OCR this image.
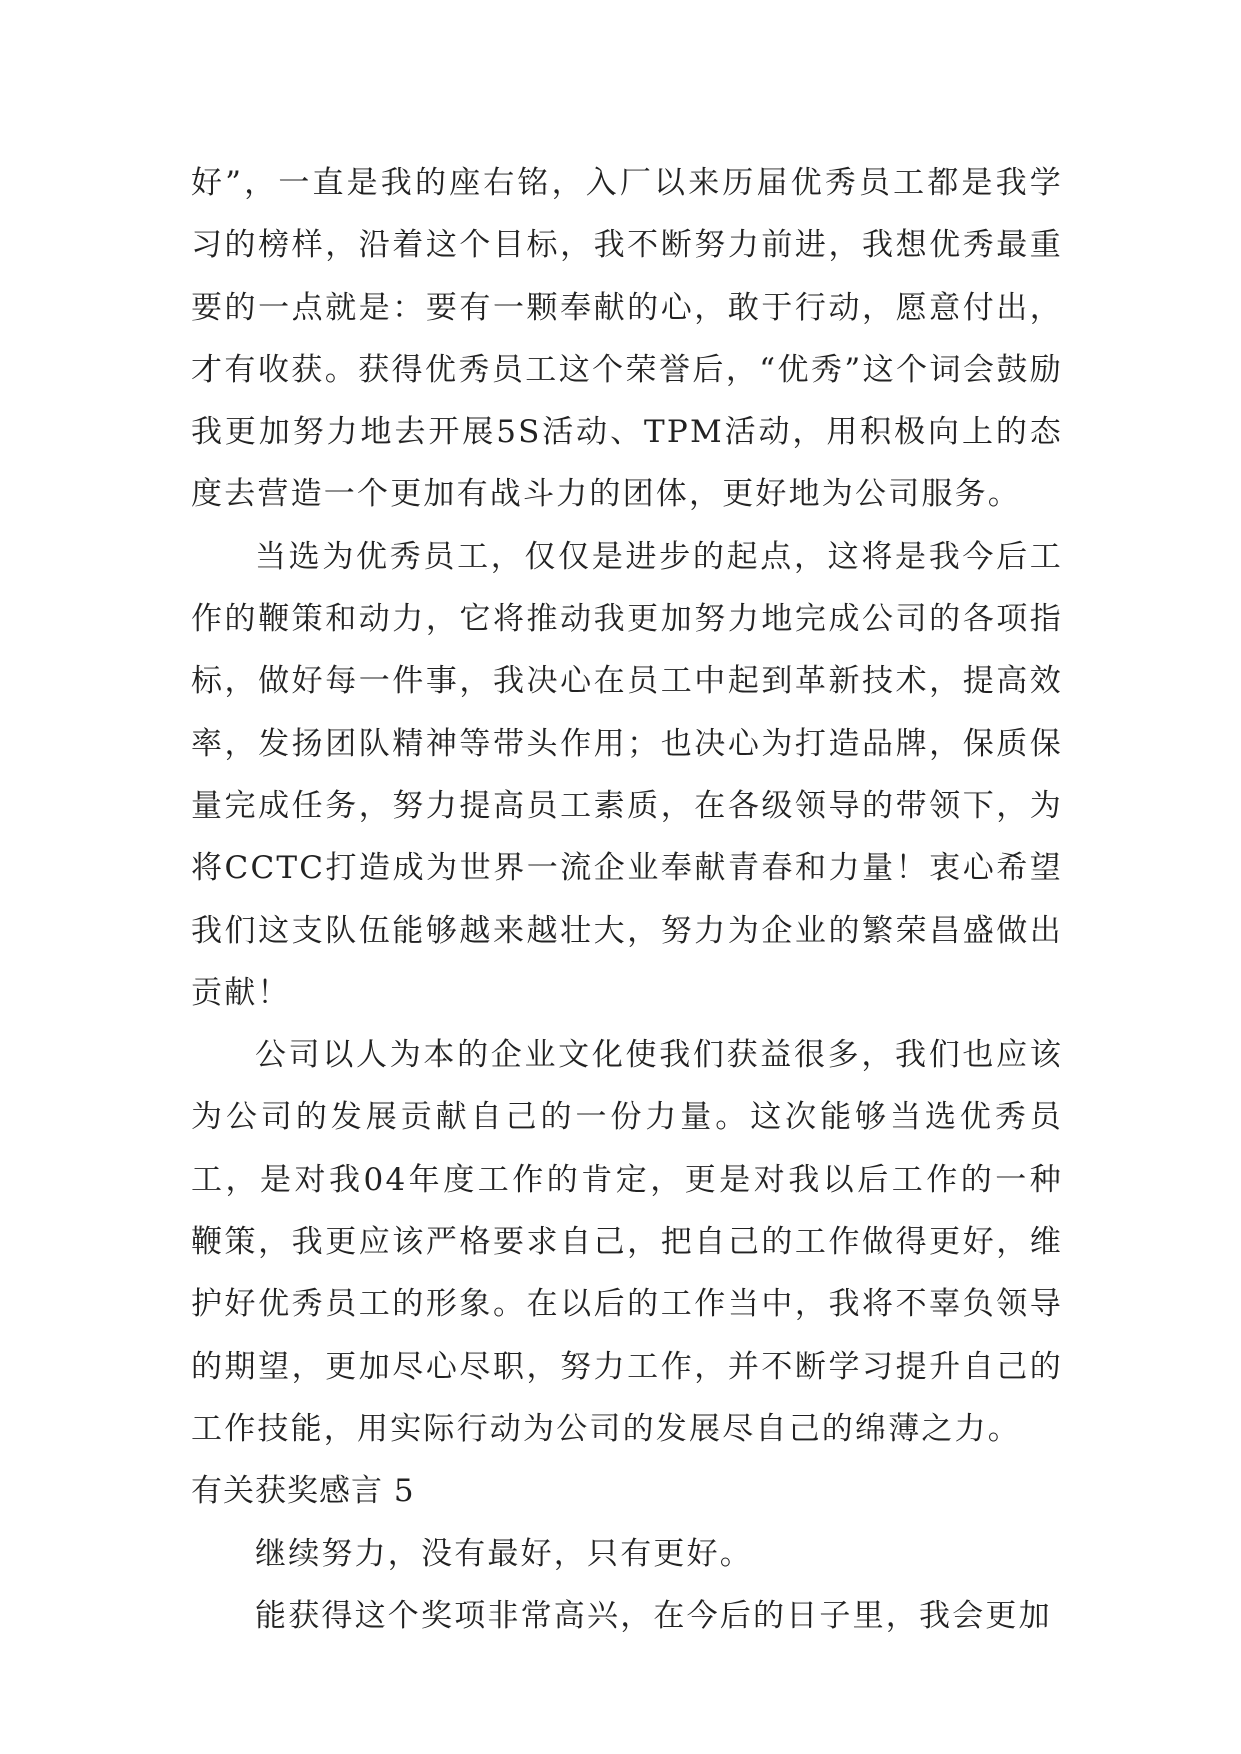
好”，一直是我的座右铭，入厂以来历届优秀员工都是我学习的榜样，沿着这个目标，我不断努力前进，我想优秀最重要的一点就是：要有一颗奉献的心，敢于行动，愿意付出，才有收获。获得优秀员工这个荣誉后，“优秀”这个词会鼓励我更加努力地去开展5S活动、TPM活动，用积极向上的态度去营造一个更加有战斗力的团体，更好地为公司服务。

当选为优秀员工，仅仅是进步的起点，这将是我今后工作的鞭策和动力，它将推动我更加努力地完成公司的各项指标，做好每一件事，我决心在员工中起到革新技术，提高效率，发扬团队精神等带头作用；也决心为打造品牌，保质保量完成任务，努力提高员工素质，在各级领导的带领下，为将CCTC打造成为世界一流企业奉献青春和力量！衷心希望我们这支队伍能够越来越壮大，努力为企业的繁荣昌盛做出贡献！

公司以人为本的企业文化使我们获益很多，我们也应该为公司的发展贡献自己的一份力量。这次能够当选优秀员工，是对我04年度工作的肯定，更是对我以后工作的一种鞭策，我更应该严格要求自己，把自己的工作做得更好，维护好优秀员工的形象。在以后的工作当中，我将不辜负领导的期望，更加尽心尽职，努力工作，并不断学习提升自己的工作技能，用实际行动为公司的发展尽自己的绵薄之力。

有关获奖感言 5

继续努力，没有最好，只有更好。

能获得这个奖项非常高兴，在今后的日子里，我会更加
